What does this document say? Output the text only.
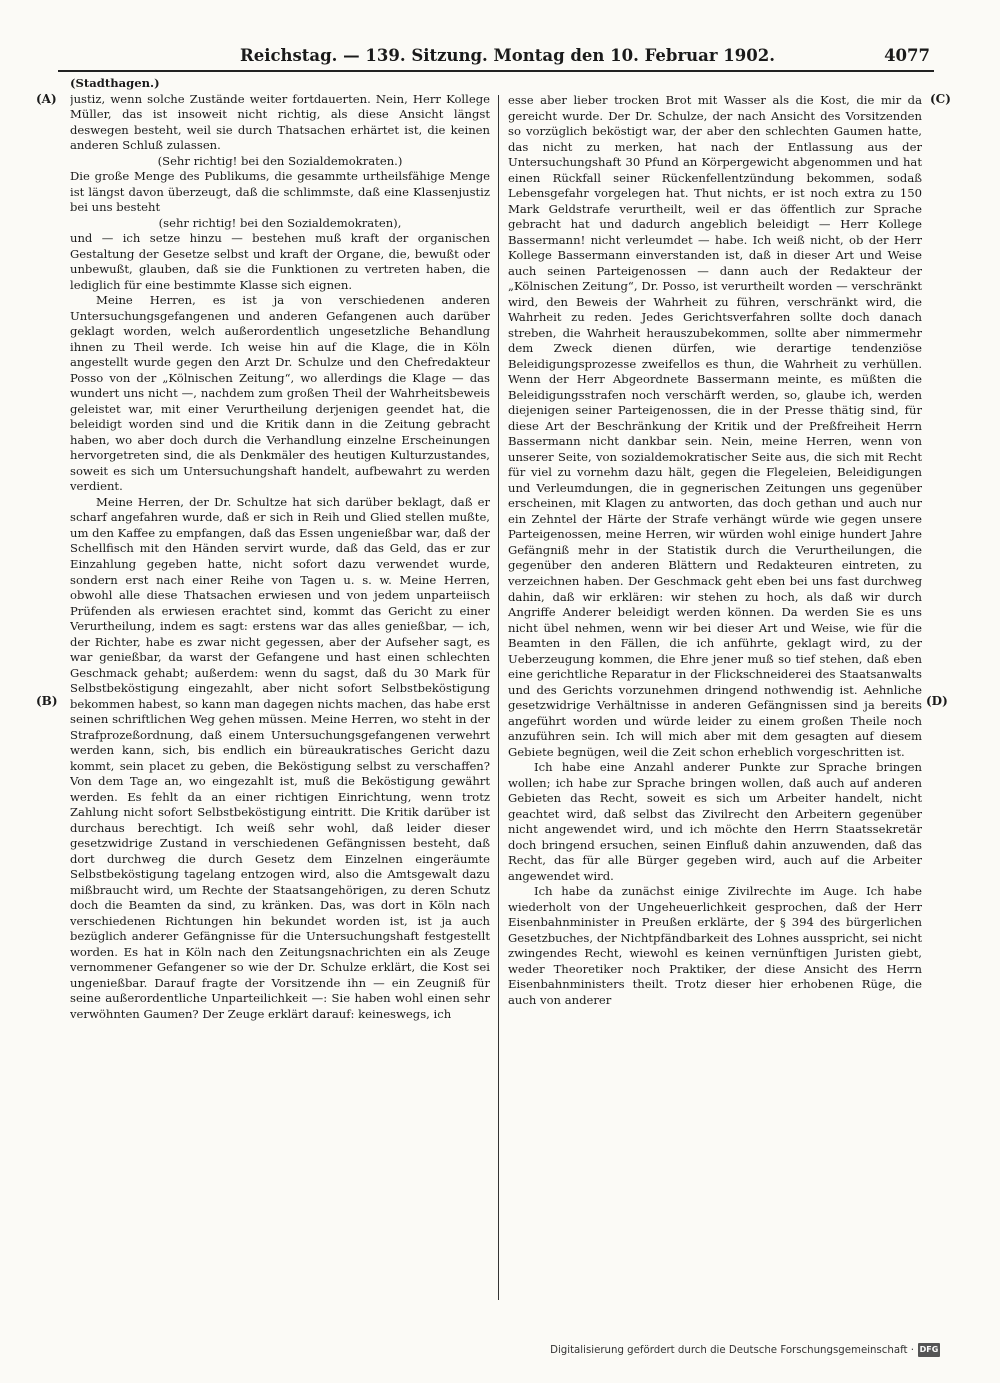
Reichstag. — 139. Sitzung. Montag den 10. Februar 1902.	4077
(A)
(B)
(C)
(D)

(Stadthagen.)

justiz, wenn solche Zustände weiter fortdauerten. Nein, Herr Kollege Müller, das ist insoweit nicht richtig, als diese Ansicht längst deswegen besteht, weil sie durch Thatsachen erhärtet ist, die keinen anderen Schluß zulassen.

(Sehr richtig! bei den Sozialdemokraten.)

Die große Menge des Publikums, die gesammte urtheilsfähige Menge ist längst davon überzeugt, daß die schlimmste, daß eine Klassenjustiz bei uns besteht

(sehr richtig! bei den Sozialdemokraten),

und — ich setze hinzu — bestehen muß kraft der organischen Gestaltung der Gesetze selbst und kraft der Organe, die, bewußt oder unbewußt, glauben, daß sie die Funktionen zu vertreten haben, die lediglich für eine bestimmte Klasse sich eignen.

Meine Herren, es ist ja von verschiedenen anderen Untersuchungsgefangenen und anderen Gefangenen auch darüber geklagt worden, welch außerordentlich ungesetzliche Behandlung ihnen zu Theil werde. Ich weise hin auf die Klage, die in Köln angestellt wurde gegen den Arzt Dr. Schulze und den Chefredakteur Posso von der „Kölnischen Zeitung“, wo allerdings die Klage — das wundert uns nicht —, nachdem zum großen Theil der Wahrheitsbeweis geleistet war, mit einer Verurtheilung derjenigen geendet hat, die beleidigt worden sind und die Kritik dann in die Zeitung gebracht haben, wo aber doch durch die Verhandlung einzelne Erscheinungen hervorgetreten sind, die als Denkmäler des heutigen Kulturzustandes, soweit es sich um Untersuchungshaft handelt, aufbewahrt zu werden verdient.

Meine Herren, der Dr. Schultze hat sich darüber beklagt, daß er scharf angefahren wurde, daß er sich in Reih und Glied stellen mußte, um den Kaffee zu empfangen, daß das Essen ungenießbar war, daß der Schellfisch mit den Händen servirt wurde, daß das Geld, das er zur Einzahlung gegeben hatte, nicht sofort dazu verwendet wurde, sondern erst nach einer Reihe von Tagen u. s. w. Meine Herren, obwohl alle diese Thatsachen erwiesen und von jedem unparteiisch Prüfenden als erwiesen erachtet sind, kommt das Gericht zu einer Verurtheilung, indem es sagt: erstens war das alles genießbar, — ich, der Richter, habe es zwar nicht gegessen, aber der Aufseher sagt, es war genießbar, da warst der Gefangene und hast einen schlechten Geschmack gehabt; außerdem: wenn du sagst, daß du 30 Mark für Selbstbeköstigung eingezahlt, aber nicht sofort Selbstbeköstigung bekommen habest, so kann man dagegen nichts machen, das habe erst seinen schriftlichen Weg gehen müssen. Meine Herren, wo steht in der Strafprozeßordnung, daß einem Untersuchungsgefangenen verwehrt werden kann, sich, bis endlich ein büreaukratisches Gericht dazu kommt, sein placet zu geben, die Beköstigung selbst zu verschaffen? Von dem Tage an, wo eingezahlt ist, muß die Beköstigung gewährt werden. Es fehlt da an einer richtigen Einrichtung, wenn trotz Zahlung nicht sofort Selbstbeköstigung eintritt. Die Kritik darüber ist durchaus berechtigt. Ich weiß sehr wohl, daß leider dieser gesetzwidrige Zustand in verschiedenen Gefängnissen besteht, daß dort durchweg die durch Gesetz dem Einzelnen eingeräumte Selbstbeköstigung tagelang entzogen wird, also die Amtsgewalt dazu mißbraucht wird, um Rechte der Staatsangehörigen, zu deren Schutz doch die Beamten da sind, zu kränken. Das, was dort in Köln nach verschiedenen Richtungen hin bekundet worden ist, ist ja auch bezüglich anderer Gefängnisse für die Untersuchungshaft festgestellt worden. Es hat in Köln nach den Zeitungsnachrichten ein als Zeuge vernommener Gefangener so wie der Dr. Schulze erklärt, die Kost sei ungenießbar. Darauf fragte der Vorsitzende ihn — ein Zeugniß für seine außerordentliche Unparteilichkeit —: Sie haben wohl einen sehr verwöhnten Gaumen? Der Zeuge erklärt darauf: keineswegs, ich

esse aber lieber trocken Brot mit Wasser als die Kost, die mir da gereicht wurde. Der Dr. Schulze, der nach Ansicht des Vorsitzenden so vorzüglich beköstigt war, der aber den schlechten Gaumen hatte, das nicht zu merken, hat nach der Entlassung aus der Untersuchungshaft 30 Pfund an Körpergewicht abgenommen und hat einen Rückfall seiner Rückenfellentzündung bekommen, sodaß Lebensgefahr vorgelegen hat. Thut nichts, er ist noch extra zu 150 Mark Geldstrafe verurtheilt, weil er das öffentlich zur Sprache gebracht hat und dadurch angeblich beleidigt — Herr Kollege Bassermann! nicht verleumdet — habe. Ich weiß nicht, ob der Herr Kollege Bassermann einverstanden ist, daß in dieser Art und Weise auch seinen Parteigenossen — dann auch der Redakteur der „Kölnischen Zeitung“, Dr. Posso, ist verurtheilt worden — verschränkt wird, den Beweis der Wahrheit zu führen, verschränkt wird, die Wahrheit zu reden. Jedes Gerichtsverfahren sollte doch danach streben, die Wahrheit herauszubekommen, sollte aber nimmermehr dem Zweck dienen dürfen, wie derartige tendenziöse Beleidigungsprozesse zweifellos es thun, die Wahrheit zu verhüllen. Wenn der Herr Abgeordnete Bassermann meinte, es müßten die Beleidigungsstrafen noch verschärft werden, so, glaube ich, werden diejenigen seiner Parteigenossen, die in der Presse thätig sind, für diese Art der Beschränkung der Kritik und der Preßfreiheit Herrn Bassermann nicht dankbar sein. Nein, meine Herren, wenn von unserer Seite, von sozialdemokratischer Seite aus, die sich mit Recht für viel zu vornehm dazu hält, gegen die Flegeleien, Beleidigungen und Verleumdungen, die in gegnerischen Zeitungen uns gegenüber erscheinen, mit Klagen zu antworten, das doch gethan und auch nur ein Zehntel der Härte der Strafe verhängt würde wie gegen unsere Parteigenossen, meine Herren, wir würden wohl einige hundert Jahre Gefängniß mehr in der Statistik durch die Verurtheilungen, die gegenüber den anderen Blättern und Redakteuren eintreten, zu verzeichnen haben. Der Geschmack geht eben bei uns fast durchweg dahin, daß wir erklären: wir stehen zu hoch, als daß wir durch Angriffe Anderer beleidigt werden können. Da werden Sie es uns nicht übel nehmen, wenn wir bei dieser Art und Weise, wie für die Beamten in den Fällen, die ich anführte, geklagt wird, zu der Ueberzeugung kommen, die Ehre jener muß so tief stehen, daß eben eine gerichtliche Reparatur in der Flickschneiderei des Staatsanwalts und des Gerichts vorzunehmen dringend nothwendig ist. Aehnliche gesetzwidrige Verhältnisse in anderen Gefängnissen sind ja bereits angeführt worden und würde leider zu einem großen Theile noch anzuführen sein. Ich will mich aber mit dem gesagten auf diesem Gebiete begnügen, weil die Zeit schon erheblich vorgeschritten ist.

Ich habe eine Anzahl anderer Punkte zur Sprache bringen wollen; ich habe zur Sprache bringen wollen, daß auch auf anderen Gebieten das Recht, soweit es sich um Arbeiter handelt, nicht geachtet wird, daß selbst das Zivilrecht den Arbeitern gegenüber nicht angewendet wird, und ich möchte den Herrn Staatssekretär doch bringend ersuchen, seinen Einfluß dahin anzuwenden, daß das Recht, das für alle Bürger gegeben wird, auch auf die Arbeiter angewendet wird.

Ich habe da zunächst einige Zivilrechte im Auge. Ich habe wiederholt von der Ungeheuerlichkeit gesprochen, daß der Herr Eisenbahnminister in Preußen erklärte, der § 394 des bürgerlichen Gesetzbuches, der Nichtpfändbarkeit des Lohnes ausspricht, sei nicht zwingendes Recht, wiewohl es keinen vernünftigen Juristen giebt, weder Theoretiker noch Praktiker, der diese Ansicht des Herrn Eisenbahnministers theilt. Trotz dieser hier erhobenen Rüge, die auch von anderer

Digitalisierung gefördert durch die Deutsche Forschungsgemeinschaft · DFG
